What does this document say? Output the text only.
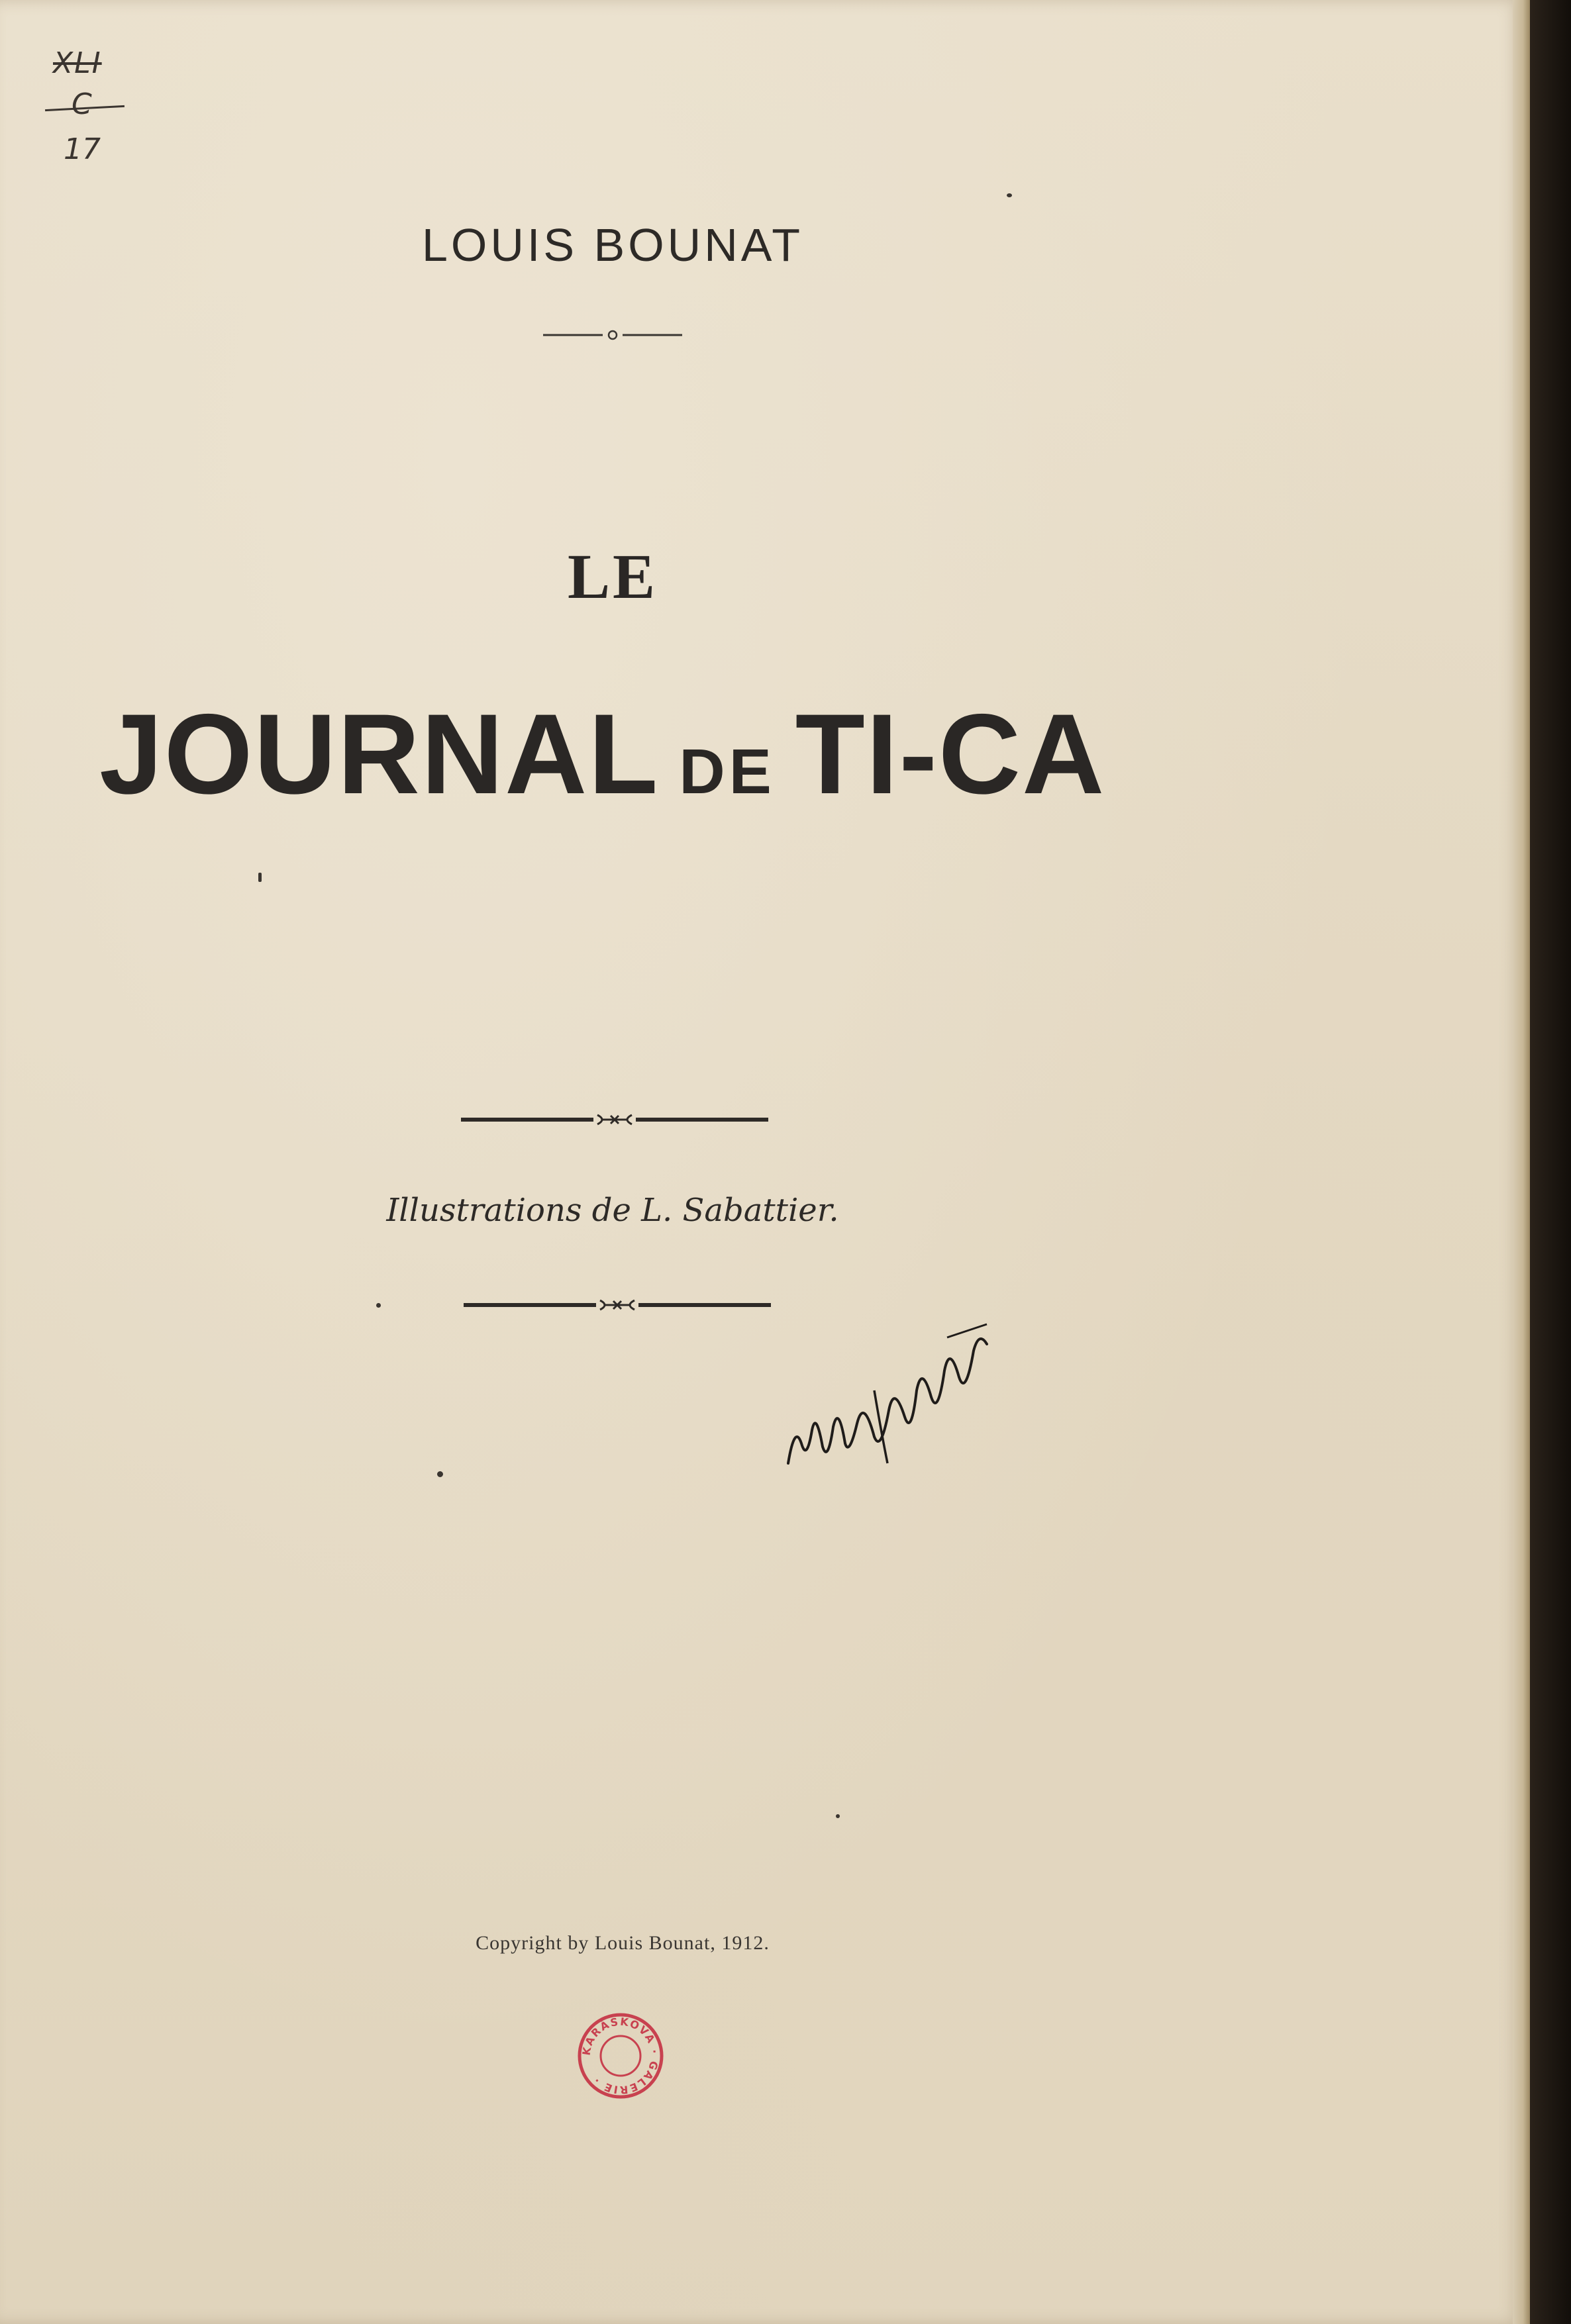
XLI
C
17
LOUIS BOUNAT
LE
JOURNAL DE TI-CA
Illustrations de L. Sabattier.
Copyright by Louis Bounat, 1912.
KARÁSKOVA · GALERIE ·
